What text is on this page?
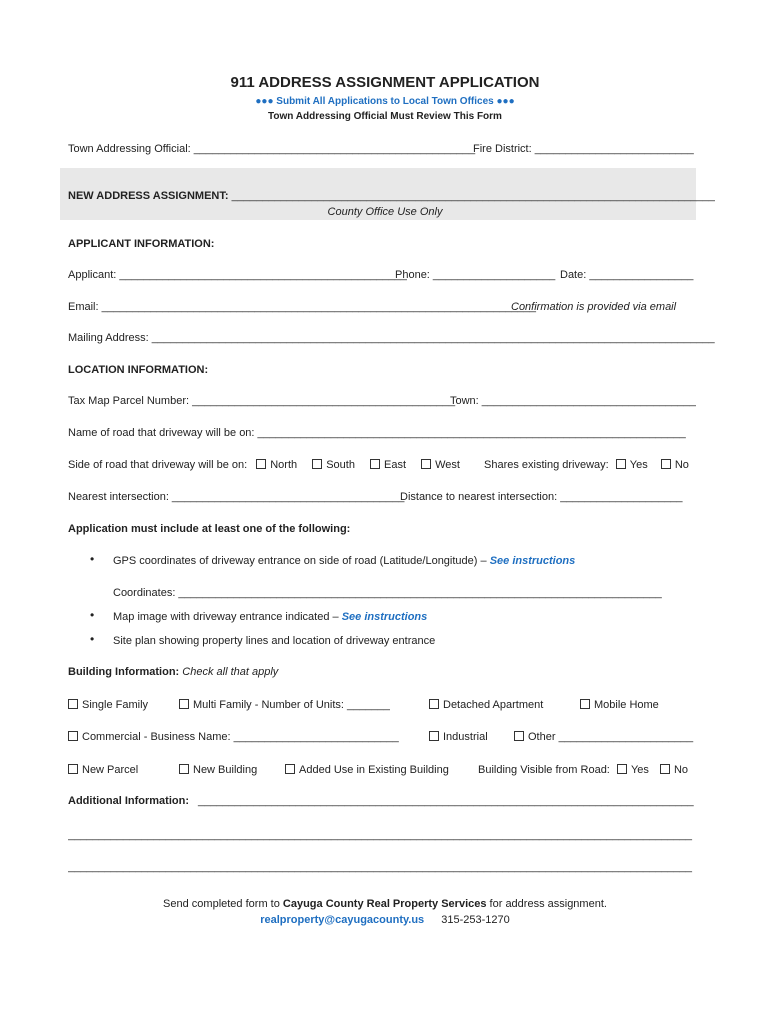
911 ADDRESS ASSIGNMENT APPLICATION
●●● Submit All Applications to Local Town Offices ●●●
Town Addressing Official Must Review This Form
Town Addressing Official: ______________________________________________
Fire District: __________________________
NEW ADDRESS ASSIGNMENT: _______________________________________________________________________________
County Office Use Only
APPLICANT INFORMATION:
Applicant: _______________________________________________
Phone: ____________________ Date: _________________
Email: _______________________________________________________________________
Confirmation is provided via email
Mailing Address: ____________________________________________________________________________________________
LOCATION INFORMATION:
Tax Map Parcel Number: ___________________________________________
Town: ___________________________________
Name of road that driveway will be on: ______________________________________________________________________
Side of road that driveway will be on: North	South	East	West Shares existing driveway: Yes No
Nearest intersection: ______________________________________
Distance to nearest intersection: ____________________
Application must include at least one of the following:
• GPS coordinates of driveway entrance on side of road (Latitude/Longitude) – See instructions
Coordinates: _______________________________________________________________________________
• Map image with driveway entrance indicated – See instructions
• Site plan showing property lines and location of driveway entrance
Building Information: Check all that apply
Single Family	Multi Family - Number of Units: _______	Detached Apartment	Mobile Home
Commercial - Business Name: ___________________________	Industrial	Other ______________________
New Parcel	New Building	Added Use in Existing Building	Building Visible from Road: Yes No
Additional Information: _________________________________________________________________________________
______________________________________________________________________________________________________
______________________________________________________________________________________________________
Send completed form to Cayuga County Real Property Services for address assignment.
realproperty@cayugacounty.us 315-253-1270
